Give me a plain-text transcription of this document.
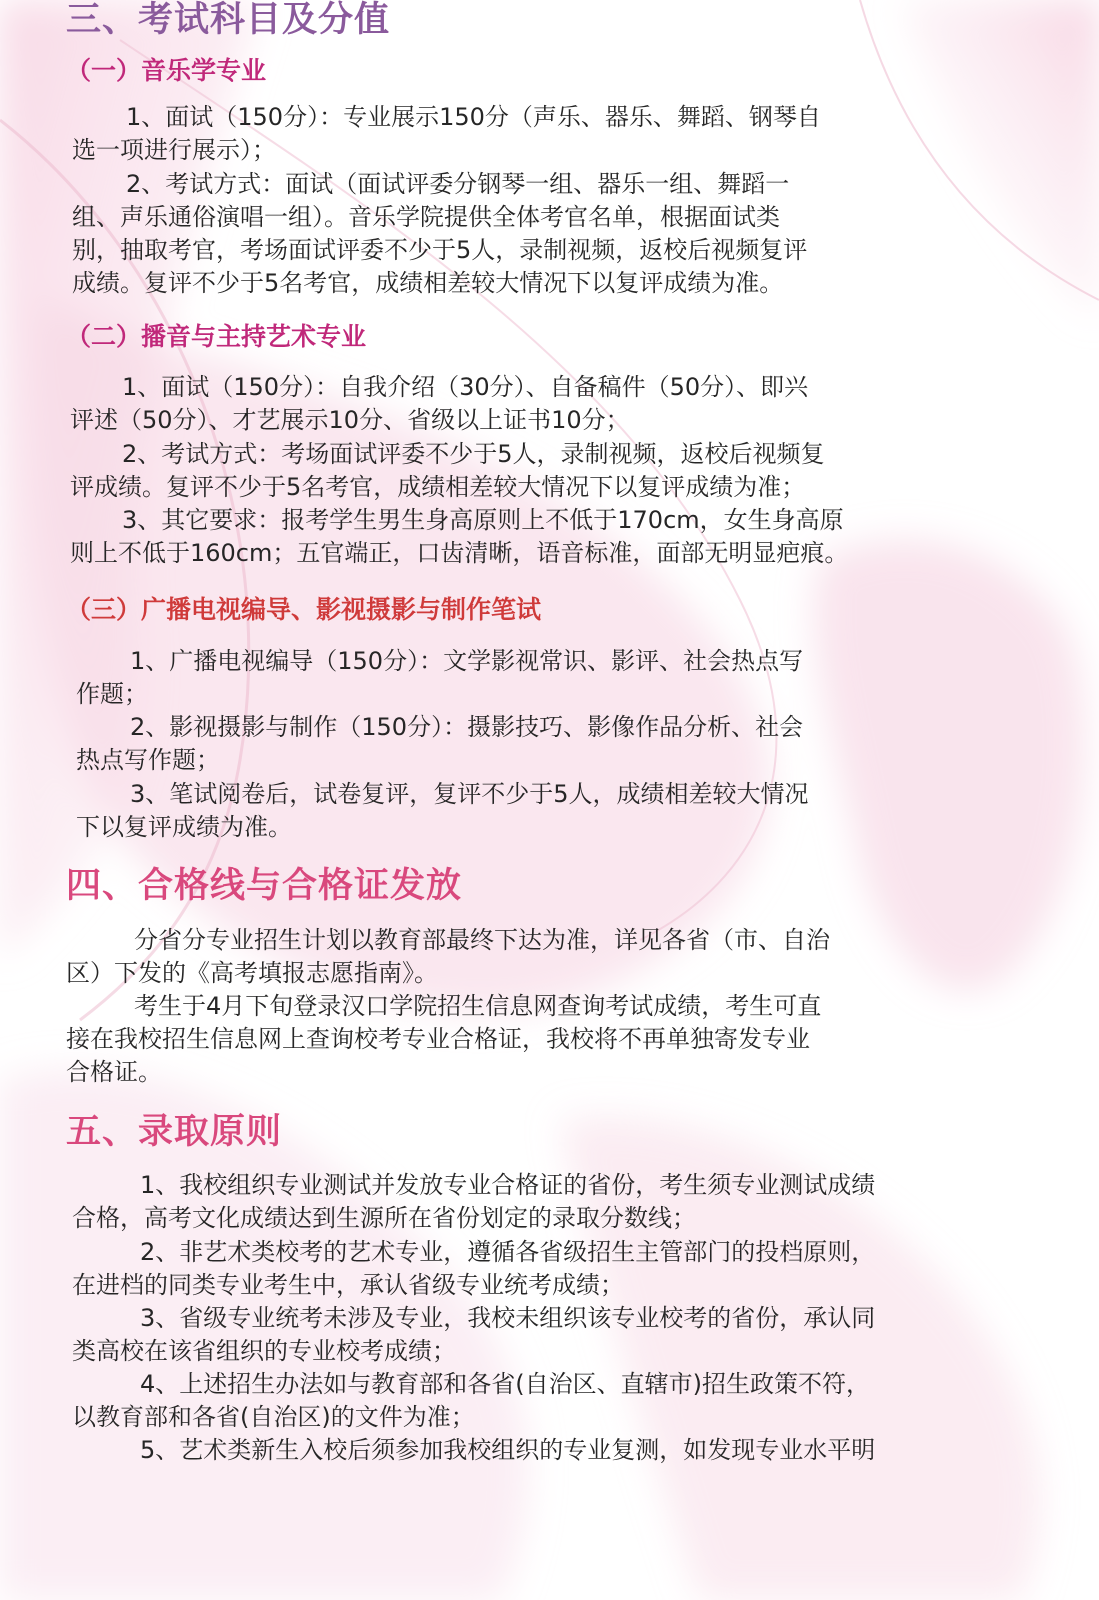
三、考试科目及分值
（一）音乐学专业

1、面试（150分）：专业展示150分（声乐、器乐、舞蹈、钢琴自

选一项进行展示）；

2、考试方式：面试（面试评委分钢琴一组、器乐一组、舞蹈一

组、声乐通俗演唱一组）。音乐学院提供全体考官名单，根据面试类

别，抽取考官，考场面试评委不少于5人，录制视频，返校后视频复评

成绩。复评不少于5名考官，成绩相差较大情况下以复评成绩为准。

（二）播音与主持艺术专业

1、面试（150分）：自我介绍（30分）、自备稿件（50分）、即兴

评述（50分）、才艺展示10分、省级以上证书10分；

2、考试方式：考场面试评委不少于5人，录制视频，返校后视频复

评成绩。复评不少于5名考官，成绩相差较大情况下以复评成绩为准；

3、其它要求：报考学生男生身高原则上不低于170cm，女生身高原

则上不低于160cm；五官端正，口齿清晰，语音标准，面部无明显疤痕。

（三）广播电视编导、影视摄影与制作笔试

1、广播电视编导（150分）：文学影视常识、影评、社会热点写

作题；

2、影视摄影与制作（150分）：摄影技巧、影像作品分析、社会

热点写作题；

3、笔试阅卷后，试卷复评，复评不少于5人，成绩相差较大情况

下以复评成绩为准。

四、合格线与合格证发放

分省分专业招生计划以教育部最终下达为准，详见各省（市、自治

区）下发的《高考填报志愿指南》。

考生于4月下旬登录汉口学院招生信息网查询考试成绩，考生可直

接在我校招生信息网上查询校考专业合格证，我校将不再单独寄发专业

合格证。

五、录取原则

1、我校组织专业测试并发放专业合格证的省份，考生须专业测试成绩

合格，高考文化成绩达到生源所在省份划定的录取分数线；

2、非艺术类校考的艺术专业，遵循各省级招生主管部门的投档原则，

在进档的同类专业考生中，承认省级专业统考成绩；

3、省级专业统考未涉及专业，我校未组织该专业校考的省份，承认同

类高校在该省组织的专业校考成绩；

4、上述招生办法如与教育部和各省(自治区、直辖市)招生政策不符，

以教育部和各省(自治区)的文件为准；

5、艺术类新生入校后须参加我校组织的专业复测，如发现专业水平明
